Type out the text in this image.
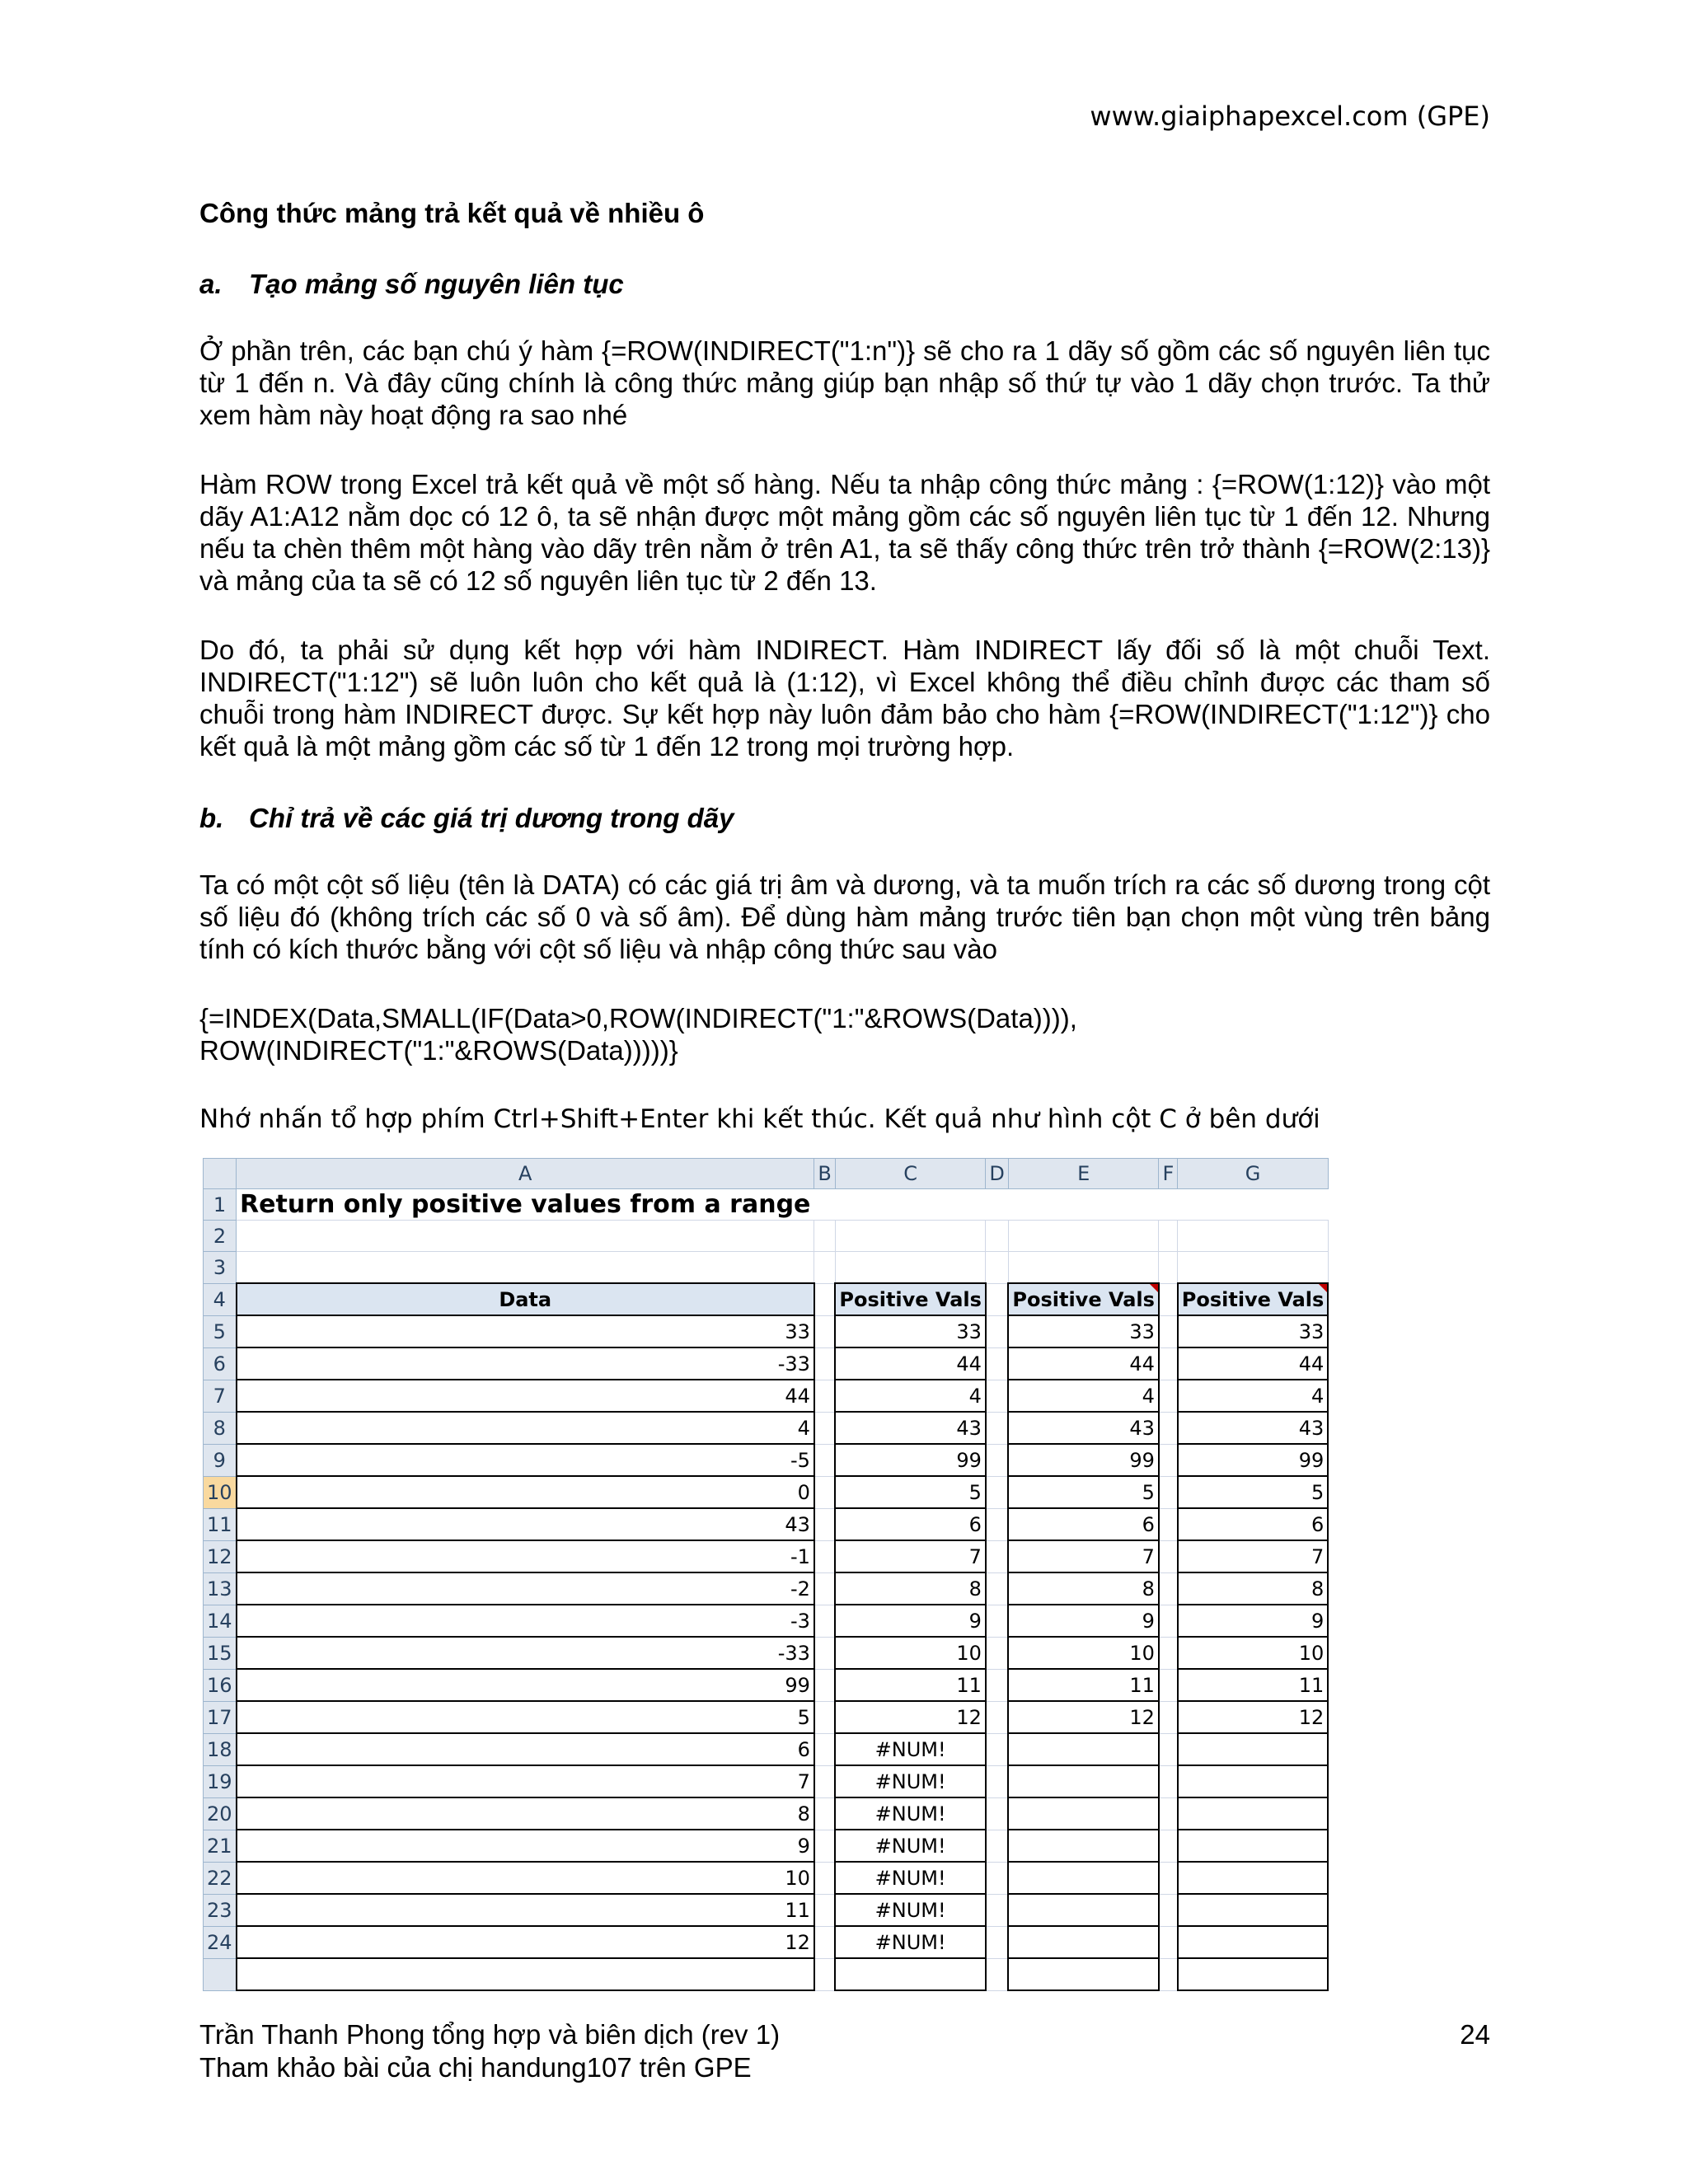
www.giaiphapexcel.com (GPE)
Công thức mảng trả kết quả về nhiều ô
a. Tạo mảng số nguyên liên tục

Ở phần trên, các bạn chú ý hàm {=ROW(INDIRECT("1:n")} sẽ cho ra 1 dãy số gồm các số nguyên liên tục từ 1 đến n. Và đây cũng chính là công thức mảng giúp bạn nhập số thứ tự vào 1 dãy chọn trước. Ta thử xem hàm này hoạt động ra sao nhé

Hàm ROW trong Excel trả kết quả về một số hàng. Nếu ta nhập công thức mảng : {=ROW(1:12)} vào một dãy A1:A12 nằm dọc có 12 ô, ta sẽ nhận được một mảng gồm các số nguyên liên tục từ 1 đến 12. Nhưng nếu ta chèn thêm một hàng vào dãy trên nằm ở trên A1, ta sẽ thấy công thức trên trở thành {=ROW(2:13)} và mảng của ta sẽ có 12 số nguyên liên tục từ 2 đến 13.

Do đó, ta phải sử dụng kết hợp với hàm INDIRECT. Hàm INDIRECT lấy đối số là một chuỗi Text. INDIRECT("1:12") sẽ luôn luôn cho kết quả là (1:12), vì Excel không thể điều chỉnh được các tham số chuỗi trong hàm INDIRECT được. Sự kết hợp này luôn đảm bảo cho hàm {=ROW(INDIRECT("1:12")} cho kết quả là một mảng gồm các số từ 1 đến 12 trong mọi trường hợp.

b. Chỉ trả về các giá trị dương trong dãy

Ta có một cột số liệu (tên là DATA) có các giá trị âm và dương, và ta muốn trích ra các số dương trong cột số liệu đó (không trích các số 0 và số âm). Để dùng hàm mảng trước tiên bạn chọn một vùng trên bảng tính có kích thước bằng với cột số liệu và nhập công thức sau vào

{=INDEX(Data,SMALL(IF(Data>0,ROW(INDIRECT("1:"&ROWS(Data)))),
ROW(INDIRECT("1:"&ROWS(Data)))))}

Nhớ nhấn tổ hợp phím Ctrl+Shift+Enter khi kết thúc. Kết quả như hình cột C ở bên dưới

	A	B	C	D	E	F	G
1	Return only positive values from a range						
2							
3							
4	Data		Positive Vals		Positive Vals		Positive Vals
5	33		33		33		33
6	-33		44		44		44
7	44		4		4		4
8	4		43		43		43
9	-5		99		99		99
10	0		5		5		5
11	43		6		6		6
12	-1		7		7		7
13	-2		8		8		8
14	-3		9		9		9
15	-33		10		10		10
16	99		11		11		11
17	5		12		12		12
18	6		#NUM!				
19	7		#NUM!				
20	8		#NUM!				
21	9		#NUM!				
22	10		#NUM!				
23	11		#NUM!				
24	12		#NUM!				

Trần Thanh Phong tổng hợp và biên dịch (rev 1)
Tham khảo bài của chị handung107 trên GPE
24
